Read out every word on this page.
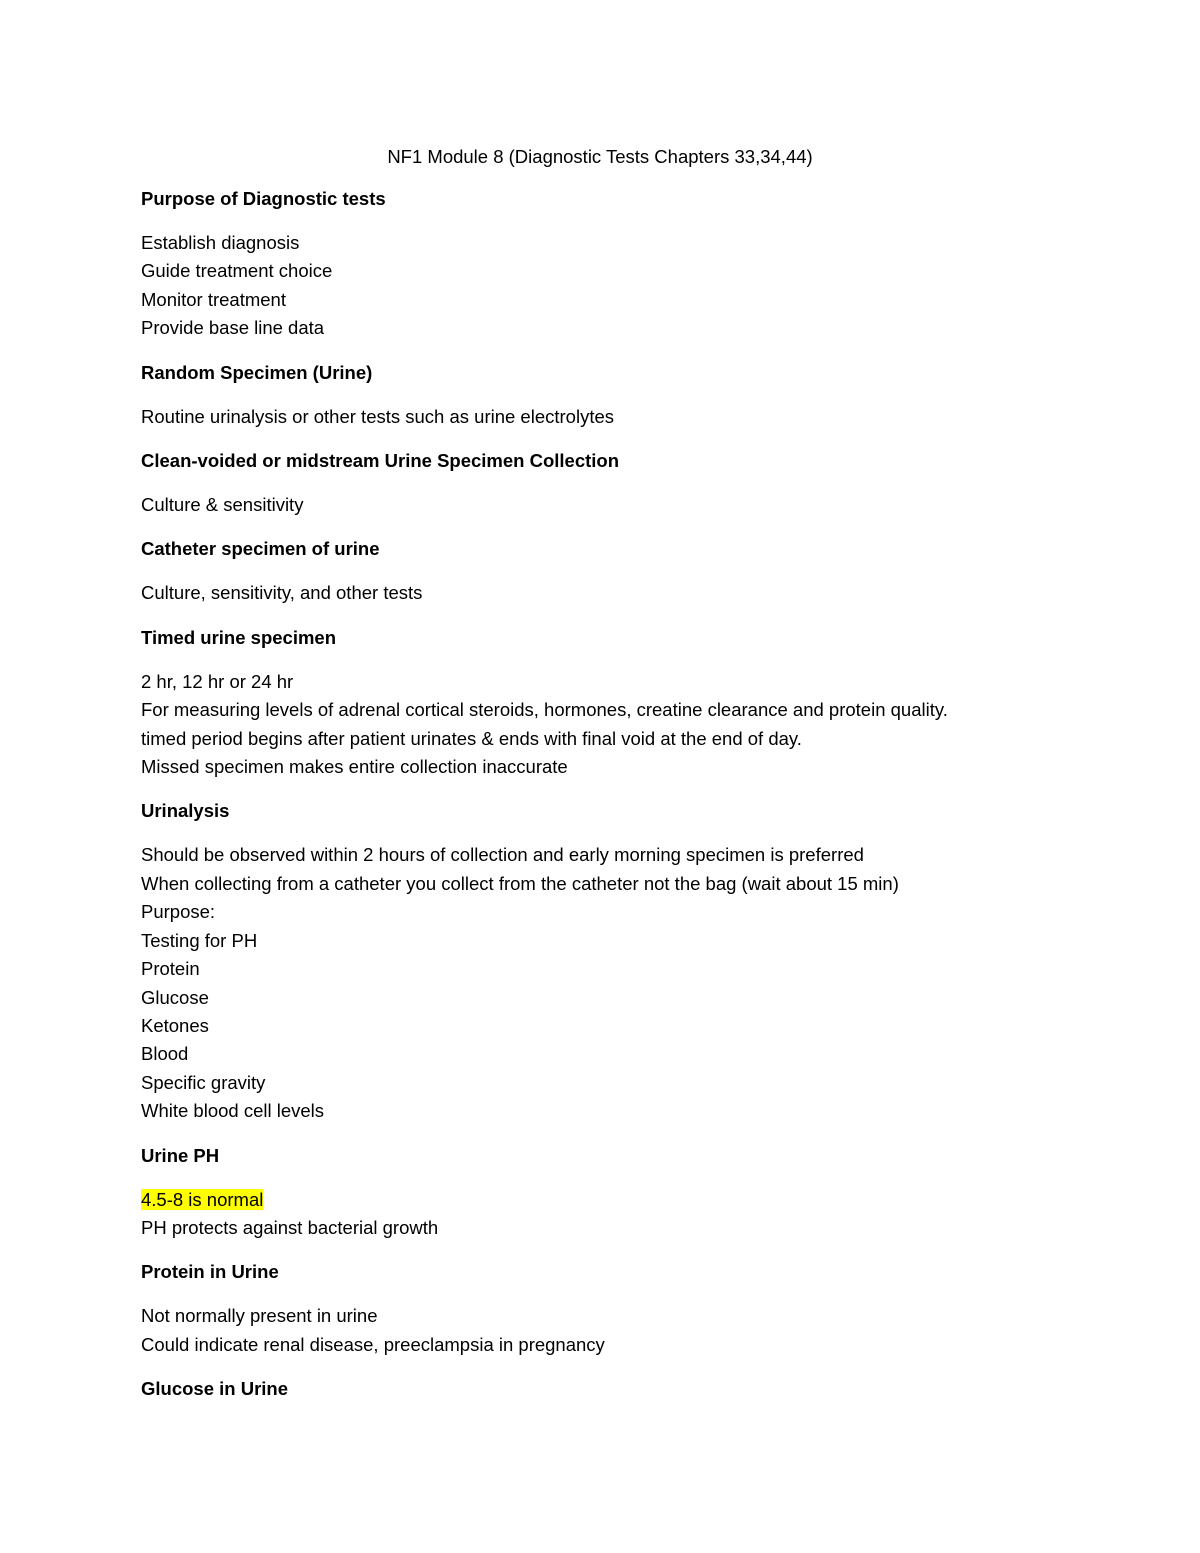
NF1 Module 8 (Diagnostic Tests Chapters 33,34,44)
Purpose of Diagnostic tests
Establish diagnosis
Guide treatment choice
Monitor treatment
Provide base line data
Random Specimen (Urine)
Routine urinalysis or other tests such as urine electrolytes
Clean-voided or midstream Urine Specimen Collection
Culture & sensitivity
Catheter specimen of urine
Culture, sensitivity, and other tests
Timed urine specimen
2 hr, 12 hr or 24 hr
For measuring levels of adrenal cortical steroids, hormones, creatine clearance and protein quality.
timed period begins after patient urinates & ends with final void at the end of day.
Missed specimen makes entire collection inaccurate
Urinalysis
Should be observed within 2 hours of collection and early morning specimen is preferred
When collecting from a catheter you collect from the catheter not the bag (wait about 15 min)
Purpose:
Testing for PH
Protein
Glucose
Ketones
Blood
Specific gravity
White blood cell levels
Urine PH
4.5-8 is normal
PH protects against bacterial growth
Protein in Urine
Not normally present in urine
Could indicate renal disease, preeclampsia in pregnancy
Glucose in Urine
